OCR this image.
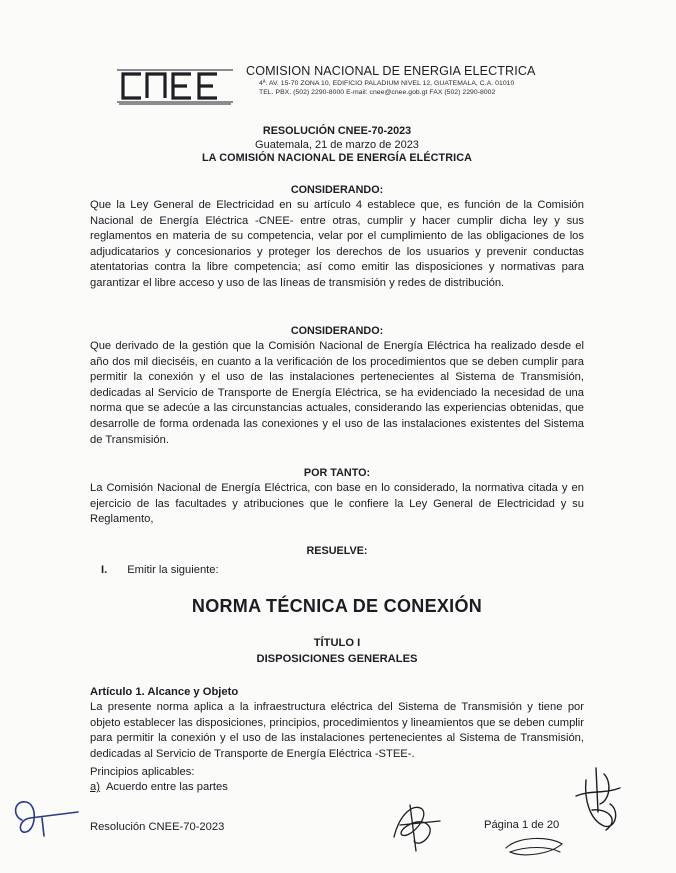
CNEE
COMISION NACIONAL DE ENERGIA ELECTRICA
4ª. AV. 15-70 ZONA 10, EDIFICIO PALADIUM NIVEL 12, GUATEMALA, C.A. 01010
TEL. PBX. (502) 2290-8000 E-mail: cnee@cnee.gob.gt FAX (502) 2290-8002
RESOLUCIÓN CNEE-70-2023
Guatemala, 21 de marzo de 2023
LA COMISIÓN NACIONAL DE ENERGÍA ELÉCTRICA
CONSIDERANDO:

Que la Ley General de Electricidad en su artículo 4 establece que, es función de la Comisión Nacional de Energía Eléctrica -CNEE- entre otras, cumplir y hacer cumplir dicha ley y sus reglamentos en materia de su competencia, velar por el cumplimiento de las obligaciones de los adjudicatarios y concesionarios y proteger los derechos de los usuarios y prevenir conductas atentatorias contra la libre competencia; así como emitir las disposiciones y normativas para garantizar el libre acceso y uso de las líneas de transmisión y redes de distribución.

CONSIDERANDO:

Que derivado de la gestión que la Comisión Nacional de Energía Eléctrica ha realizado desde el año dos mil dieciséis, en cuanto a la verificación de los procedimientos que se deben cumplir para permitir la conexión y el uso de las instalaciones pertenecientes al Sistema de Transmisión, dedicadas al Servicio de Transporte de Energía Eléctrica, se ha evidenciado la necesidad de una norma que se adecúe a las circunstancias actuales, considerando las experiencias obtenidas, que desarrolle de forma ordenada las conexiones y el uso de las instalaciones existentes del Sistema de Transmisión.

POR TANTO:

La Comisión Nacional de Energía Eléctrica, con base en lo considerado, la normativa citada y en ejercicio de las facultades y atribuciones que le confiere la Ley General de Electricidad y su Reglamento,

RESUELVE:
I. Emitir la siguiente:
NORMA TÉCNICA DE CONEXIÓN
TÍTULO I
DISPOSICIONES GENERALES
Artículo 1. Alcance y Objeto

La presente norma aplica a la infraestructura eléctrica del Sistema de Transmisión y tiene por objeto establecer las disposiciones, principios, procedimientos y lineamientos que se deben cumplir para permitir la conexión y el uso de las instalaciones pertenecientes al Sistema de Transmisión, dedicadas al Servicio de Transporte de Energía Eléctrica -STEE-.

Principios aplicables:
a) Acuerdo entre las partes
Resolución CNEE-70-2023	Página 1 de 20
